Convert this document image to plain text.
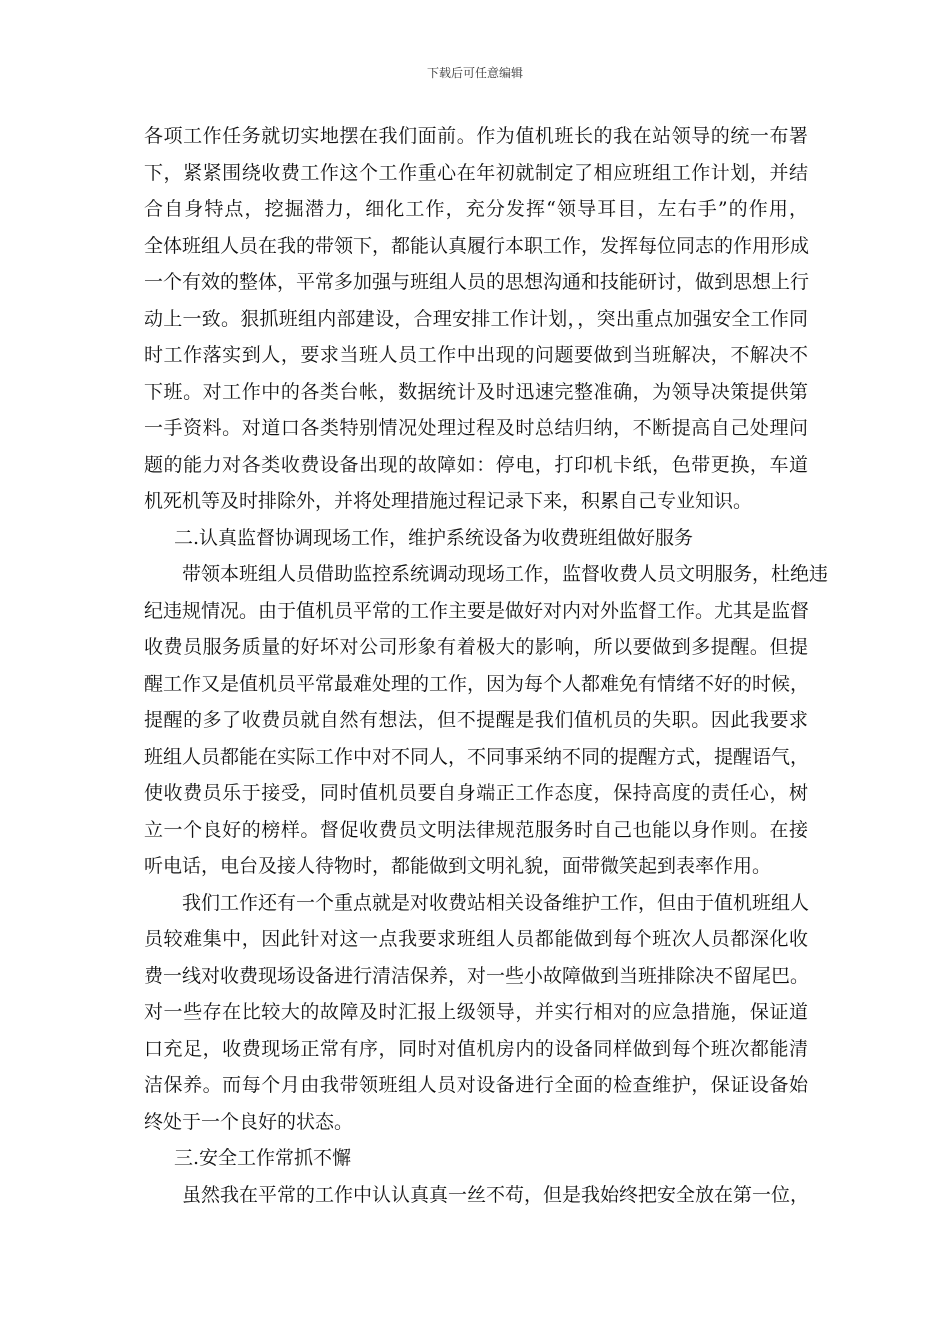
下载后可任意编辑
各项工作任务就切实地摆在我们面前。作为值机班长的我在站领导的统一布署
下，紧紧围绕收费工作这个工作重心在年初就制定了相应班组工作计划，并结
合自身特点，挖掘潜力，细化工作，充分发挥“领导耳目，左右手”的作用，
全体班组人员在我的带领下，都能认真履行本职工作，发挥每位同志的作用形成
一个有效的整体，平常多加强与班组人员的思想沟通和技能研讨，做到思想上行
动上一致。狠抓班组内部建设，合理安排工作计划，，突出重点加强安全工作同
时工作落实到人，要求当班人员工作中出现的问题要做到当班解决，不解决不
下班。对工作中的各类台帐，数据统计及时迅速完整准确，为领导决策提供第
一手资料。对道口各类特别情况处理过程及时总结归纳，不断提高自己处理问
题的能力对各类收费设备出现的故障如：停电，打印机卡纸，色带更换，车道
机死机等及时排除外，并将处理措施过程记录下来，积累自己专业知识。
二.认真监督协调现场工作，维护系统设备为收费班组做好服务
带领本班组人员借助监控系统调动现场工作，监督收费人员文明服务，杜绝违
纪违规情况。由于值机员平常的工作主要是做好对内对外监督工作。尤其是监督
收费员服务质量的好坏对公司形象有着极大的影响，所以要做到多提醒。但提
醒工作又是值机员平常最难处理的工作，因为每个人都难免有情绪不好的时候，
提醒的多了收费员就自然有想法，但不提醒是我们值机员的失职。因此我要求
班组人员都能在实际工作中对不同人，不同事采纳不同的提醒方式，提醒语气，
使收费员乐于接受，同时值机员要自身端正工作态度，保持高度的责任心，树
立一个良好的榜样。督促收费员文明法律规范服务时自己也能以身作则。在接
听电话，电台及接人待物时，都能做到文明礼貌，面带微笑起到表率作用。
我们工作还有一个重点就是对收费站相关设备维护工作，但由于值机班组人
员较难集中，因此针对这一点我要求班组人员都能做到每个班次人员都深化收
费一线对收费现场设备进行清洁保养，对一些小故障做到当班排除决不留尾巴。
对一些存在比较大的故障及时汇报上级领导，并实行相对的应急措施，保证道
口充足，收费现场正常有序，同时对值机房内的设备同样做到每个班次都能清
洁保养。而每个月由我带领班组人员对设备进行全面的检查维护，保证设备始
终处于一个良好的状态。
三.安全工作常抓不懈
虽然我在平常的工作中认认真真一丝不苟，但是我始终把安全放在第一位，
